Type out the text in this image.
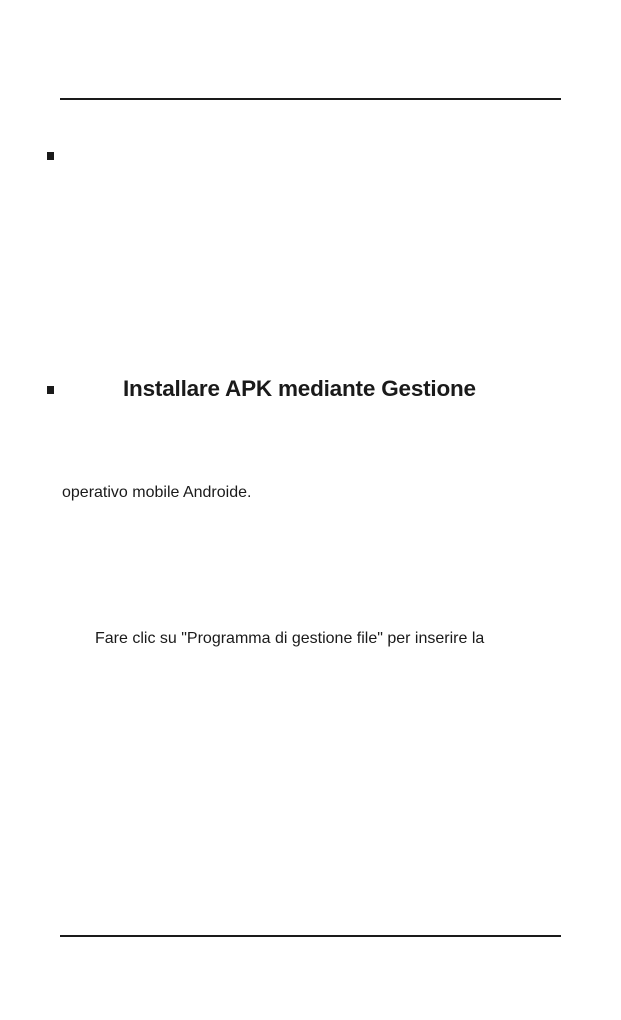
Installare APK mediante Gestione

operativo mobile Androide.

Fare clic su "Programma di gestione file" per inserire la
